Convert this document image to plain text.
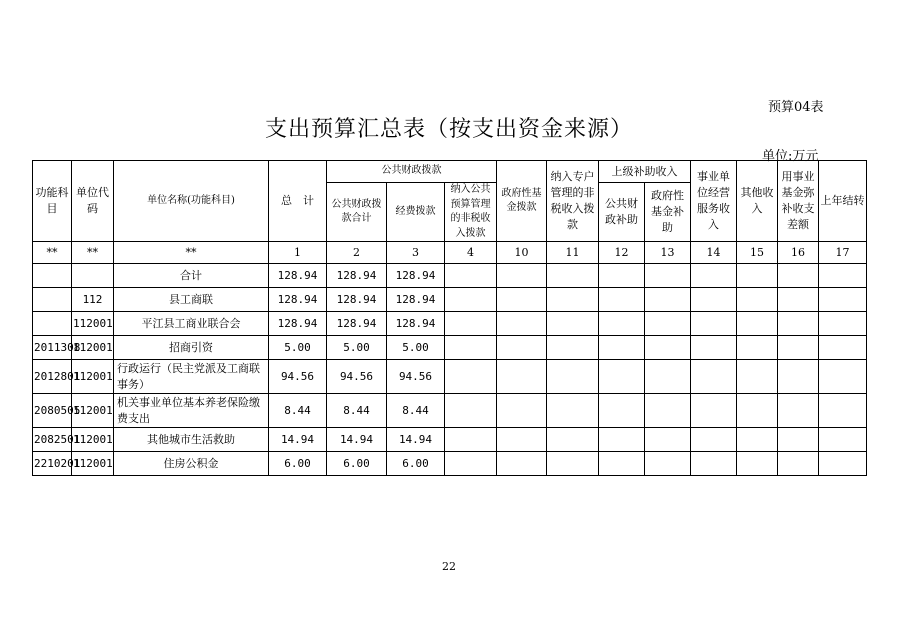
预算04表
支出预算汇总表（按支出资金来源）
单位:万元
功能科目	单位代码	单位名称(功能科目)	总　计	公共财政拨款			政府性基金拨款	纳入专户管理的非税收入拨款	上级补助收入		事业单位经营服务收入	其他收入	用事业基金弥补收支差额	上年结转
				公共财政拨款合计	经费拨款	纳入公共预算管理的非税收入拨款			公共财政补助	政府性基金补助				
**	**	**	1	2	3	4	10	11	12	13	14	15	16	17
		合计	128.94	128.94	128.94									
	112	县工商联	128.94	128.94	128.94									
	112001	平江县工商业联合会	128.94	128.94	128.94									
2011308	112001	招商引资	5.00	5.00	5.00									
2012801	112001	行政运行（民主党派及工商联事务）	94.56	94.56	94.56									
2080505	112001	机关事业单位基本养老保险缴费支出	8.44	8.44	8.44									
2082501	112001	其他城市生活救助	14.94	14.94	14.94									
2210201	112001	住房公积金	6.00	6.00	6.00									
22
